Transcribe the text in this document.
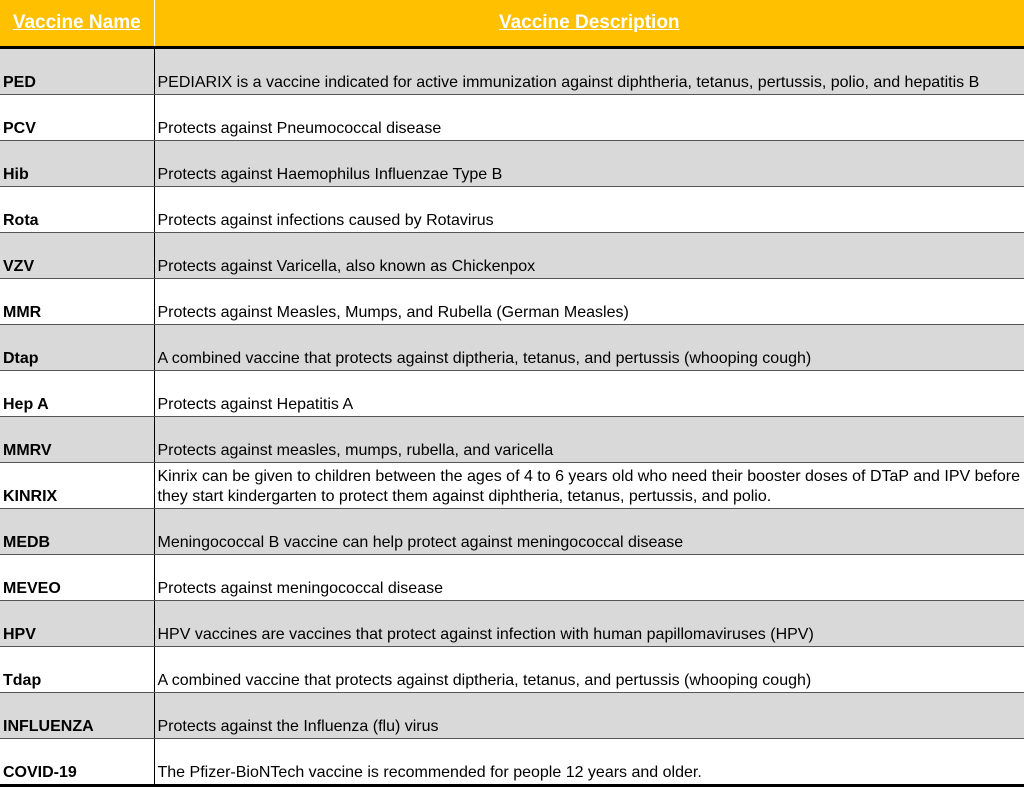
Vaccine Name	Vaccine Description
PED	PEDIARIX is a vaccine indicated for active immunization against diphtheria, tetanus, pertussis, polio, and hepatitis B
PCV	Protects against Pneumococcal disease
Hib	Protects against Haemophilus Influenzae Type B
Rota	Protects against infections caused by Rotavirus
VZV	Protects against Varicella, also known as Chickenpox
MMR	Protects against Measles, Mumps, and Rubella (German Measles)
Dtap	A combined vaccine that protects against diptheria, tetanus, and pertussis (whooping cough)
Hep A	Protects against Hepatitis A
MMRV	Protects against measles, mumps, rubella, and varicella
KINRIX	Kinrix can be given to children between the ages of 4 to 6 years old who need their booster doses of DTaP and IPV before they start kindergarten to protect them against diphtheria, tetanus, pertussis, and polio.
MEDB	Meningococcal B vaccine can help protect against meningococcal disease
MEVEO	Protects against meningococcal disease
HPV	HPV vaccines are vaccines that protect against infection with human papillomaviruses (HPV)
Tdap	A combined vaccine that protects against diptheria, tetanus, and pertussis (whooping cough)
INFLUENZA	Protects against the Influenza (flu) virus
COVID-19	The Pfizer-BioNTech vaccine is recommended for people 12 years and older.
